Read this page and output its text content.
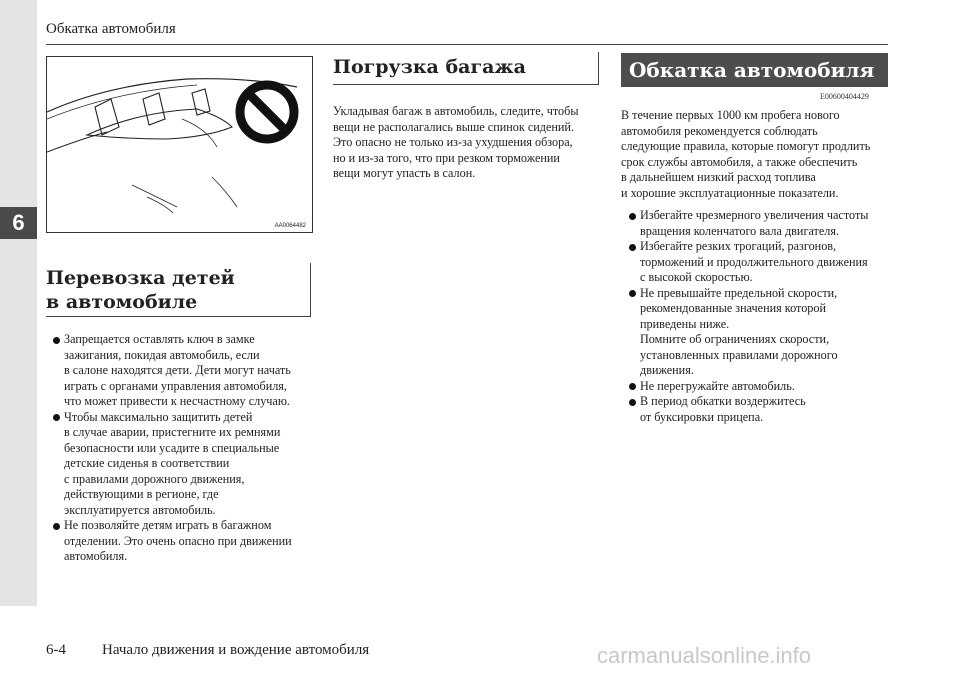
6
Обкатка автомобиля
AA0064482
Перевозка детей
в автомобиле
Запрещается оставлять ключ в замке
зажигания, покидая автомобиль, если
в салоне находятся дети. Дети могут начать
играть с органами управления автомобиля,
что может привести к несчастному случаю.
Чтобы максимально защитить детей
в случае аварии, пристегните их ремнями
безопасности или усадите в специальные
детские сиденья в соответствии
с правилами дорожного движения,
действующими в регионе, где
эксплуатируется автомобиль.
Не позволяйте детям играть в багажном
отделении. Это очень опасно при движении
автомобиля.
Погрузка багажа
Укладывая багаж в автомобиль, следите, чтобы
вещи не располагались выше спинок сидений.
Это опасно не только из-за ухудшения обзора,
но и из-за того, что при резком торможении
вещи могут упасть в салон.
Обкатка автомобиля
E00600404429
В течение первых 1000 км пробега нового
автомобиля рекомендуется соблюдать
следующие правила, которые помогут продлить
срок службы автомобиля, а также обеспечить
в дальнейшем низкий расход топлива
и хорошие эксплуатационные показатели.
Избегайте чрезмерного увеличения частоты
вращения коленчатого вала двигателя.
Избегайте резких трогаций, разгонов,
торможений и продолжительного движения
с высокой скоростью.
Не превышайте предельной скорости,
рекомендованные значения которой
приведены ниже.
Помните об ограничениях скорости,
установленных правилами дорожного
движения.
Не перегружайте автомобиль.
В период обкатки воздержитесь
от буксировки прицепа.
6-4 Начало движения и вождение автомобиля	carmanualsonline.info
